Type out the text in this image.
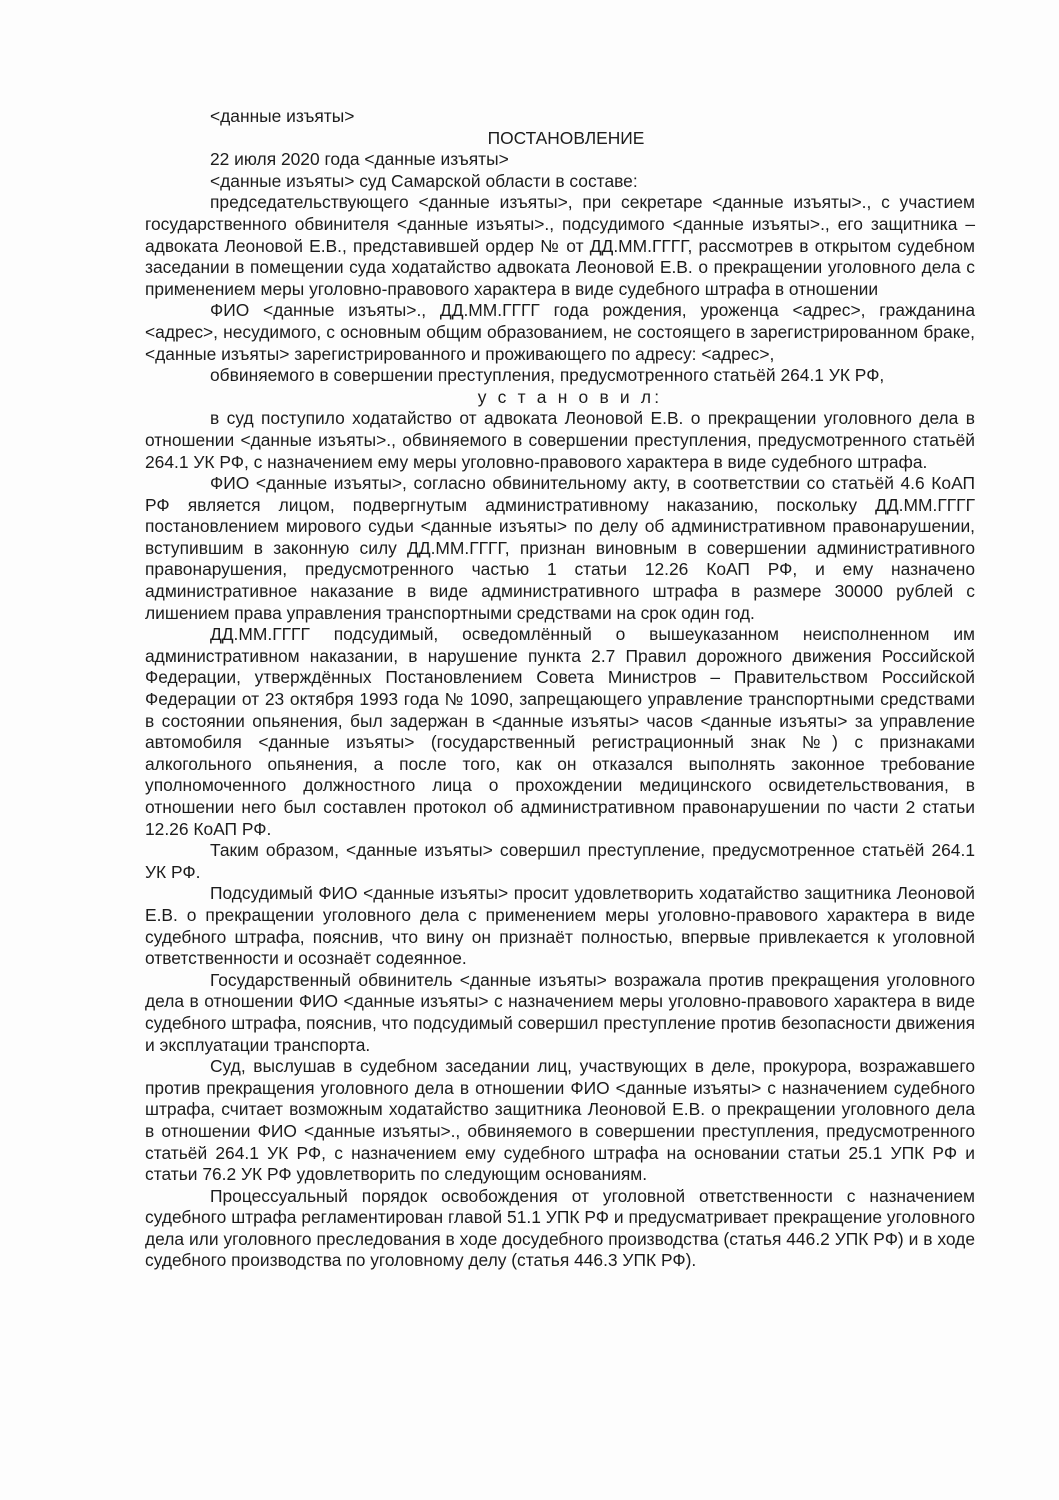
<данные изъяты>
ПОСТАНОВЛЕНИЕ
22 июля 2020 года <данные изъяты>
<данные изъяты> суд Самарской области в составе:

председательствующего <данные изъяты>, при секретаре <данные изъяты>., с участием государственного обвинителя <данные изъяты>., подсудимого <данные изъяты>., его защитника – адвоката Леоновой Е.В., представившей ордер № от ДД.ММ.ГГГГ, рассмотрев в открытом судебном заседании в помещении суда ходатайство адвоката Леоновой Е.В. о прекращении уголовного дела с применением меры уголовно-правового характера в виде судебного штрафа в отношении

ФИО <данные изъяты>., ДД.ММ.ГГГГ года рождения, уроженца <адрес>, гражданина <адрес>, несудимого, с основным общим образованием, не состоящего в зарегистрированном браке, <данные изъяты> зарегистрированного и проживающего по адресу: <адрес>,

обвиняемого в совершении преступления, предусмотренного статьёй 264.1 УК РФ,
у с т а н о в и л:

в суд поступило ходатайство от адвоката Леоновой Е.В. о прекращении уголовного дела в отношении <данные изъяты>., обвиняемого в совершении преступления, предусмотренного статьёй 264.1 УК РФ, с назначением ему меры уголовно-правового характера в виде судебного штрафа.

ФИО <данные изъяты>, согласно обвинительному акту, в соответствии со статьёй 4.6 КоАП РФ является лицом, подвергнутым административному наказанию, поскольку ДД.ММ.ГГГГ постановлением мирового судьи <данные изъяты> по делу об административном правонарушении, вступившим в законную силу ДД.ММ.ГГГГ, признан виновным в совершении административного правонарушения, предусмотренного частью 1 статьи 12.26 КоАП РФ, и ему назначено административное наказание в виде административного штрафа в размере 30000 рублей с лишением права управления транспортными средствами на срок один год.

ДД.ММ.ГГГГ подсудимый, осведомлённый о вышеуказанном неисполненном им административном наказании, в нарушение пункта 2.7 Правил дорожного движения Российской Федерации, утверждённых Постановлением Совета Министров – Правительством Российской Федерации от 23 октября 1993 года № 1090, запрещающего управление транспортными средствами в состоянии опьянения, был задержан в <данные изъяты> часов <данные изъяты> за управление автомобиля <данные изъяты> (государственный регистрационный знак №) с признаками алкогольного опьянения, а после того, как он отказался выполнять законное требование уполномоченного должностного лица о прохождении медицинского освидетельствования, в отношении него был составлен протокол об административном правонарушении по части 2 статьи 12.26 КоАП РФ.

Таким образом, <данные изъяты> совершил преступление, предусмотренное статьёй 264.1 УК РФ.

Подсудимый ФИО <данные изъяты> просит удовлетворить ходатайство защитника Леоновой Е.В. о прекращении уголовного дела с применением меры уголовно-правового характера в виде судебного штрафа, пояснив, что вину он признаёт полностью, впервые привлекается к уголовной ответственности и осознаёт содеянное.

Государственный обвинитель <данные изъяты> возражала против прекращения уголовного дела в отношении ФИО <данные изъяты> с назначением меры уголовно-правового характера в виде судебного штрафа, пояснив, что подсудимый совершил преступление против безопасности движения и эксплуатации транспорта.

Суд, выслушав в судебном заседании лиц, участвующих в деле, прокурора, возражавшего против прекращения уголовного дела в отношении ФИО <данные изъяты> с назначением судебного штрафа, считает возможным ходатайство защитника Леоновой Е.В. о прекращении уголовного дела в отношении ФИО <данные изъяты>., обвиняемого в совершении преступления, предусмотренного статьёй 264.1 УК РФ, с назначением ему судебного штрафа на основании статьи 25.1 УПК РФ и статьи 76.2 УК РФ удовлетворить по следующим основаниям.

Процессуальный порядок освобождения от уголовной ответственности с назначением судебного штрафа регламентирован главой 51.1 УПК РФ и предусматривает прекращение уголовного дела или уголовного преследования в ходе досудебного производства (статья 446.2 УПК РФ) и в ходе судебного производства по уголовному делу (статья 446.3 УПК РФ).
